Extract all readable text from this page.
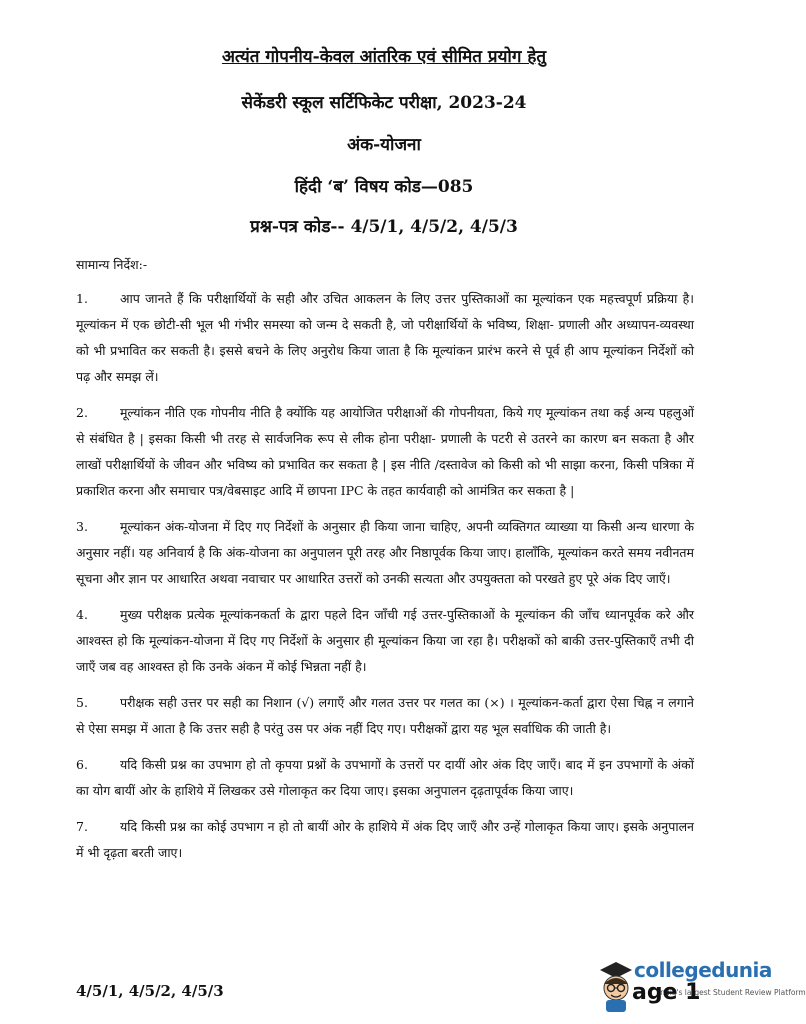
अत्यंत गोपनीय-केवल आंतरिक एवं सीमित प्रयोग हेतु
सेकेंडरी स्कूल सर्टिफिकेट परीक्षा, 2023-24
अंक-योजना
हिंदी ‘ब’ विषय कोड—085
प्रश्न-पत्र कोड-- 4/5/1, 4/5/2, 4/5/3
सामान्य निर्देश:-

1.	आप जानते हैं कि परीक्षार्थियों के सही और उचित आकलन के लिए उत्तर पुस्तिकाओं का मूल्यांकन एक महत्त्वपूर्ण प्रक्रिया है। मूल्यांकन में एक छोटी-सी भूल भी गंभीर समस्या को जन्म दे सकती है, जो परीक्षार्थियों के भविष्य, शिक्षा- प्रणाली और अध्यापन-व्यवस्था को भी प्रभावित कर सकती है। इससे बचने के लिए अनुरोध किया जाता है कि मूल्यांकन प्रारंभ करने से पूर्व ही आप मूल्यांकन निर्देशों को पढ़ और समझ लें।

2.	मूल्यांकन नीति एक गोपनीय नीति है क्योंकि यह आयोजित परीक्षाओं की गोपनीयता, किये गए मूल्यांकन तथा कई अन्य पहलुओं से संबंधित है | इसका किसी भी तरह से सार्वजनिक रूप से लीक होना परीक्षा- प्रणाली के पटरी से उतरने का कारण बन सकता है और लाखों परीक्षार्थियों के जीवन और भविष्य को प्रभावित कर सकता है | इस नीति /दस्तावेज को किसी को भी साझा करना, किसी पत्रिका में प्रकाशित करना और समाचार पत्र/वेबसाइट आदि में छापना IPC के तहत कार्यवाही को आमंत्रित कर सकता है |

3.	मूल्यांकन अंक-योजना में दिए गए निर्देशों के अनुसार ही किया जाना चाहिए, अपनी व्यक्तिगत व्याख्या या किसी अन्य धारणा के अनुसार नहीं। यह अनिवार्य है कि अंक-योजना का अनुपालन पूरी तरह और निष्ठापूर्वक किया जाए। हालाँकि, मूल्यांकन करते समय नवीनतम सूचना और ज्ञान पर आधारित अथवा नवाचार पर आधारित उत्तरों को उनकी सत्यता और उपयुक्तता को परखते हुए पूरे अंक दिए जाएँ।

4.	मुख्य परीक्षक प्रत्येक मूल्यांकनकर्ता के द्वारा पहले दिन जाँची गई उत्तर-पुस्तिकाओं के मूल्यांकन की जाँच ध्यानपूर्वक करे और आश्वस्त हो कि मूल्यांकन-योजना में दिए गए निर्देशों के अनुसार ही मूल्यांकन किया जा रहा है। परीक्षकों को बाकी उत्तर-पुस्तिकाएँ तभी दी जाएँ जब वह आश्वस्त हो कि उनके अंकन में कोई भिन्नता नहीं है।

5.	परीक्षक सही उत्तर पर सही का निशान (√) लगाएँ और गलत उत्तर पर गलत का (×) । मूल्यांकन-कर्ता द्वारा ऐसा चिह्न न लगाने से ऐसा समझ में आता है कि उत्तर सही है परंतु उस पर अंक नहीं दिए गए। परीक्षकों द्वारा यह भूल सर्वाधिक की जाती है।

6.	यदि किसी प्रश्न का उपभाग हो तो कृपया प्रश्नों के उपभागों के उत्तरों पर दायीं ओर अंक दिए जाएँ। बाद में इन उपभागों के अंकों का योग बायीं ओर के हाशिये में लिखकर उसे गोलाकृत कर दिया जाए। इसका अनुपालन दृढ़तापूर्वक किया जाए।

7.	यदि किसी प्रश्न का कोई उपभाग न हो तो बायीं ओर के हाशिये में अंक दिए जाएँ और उन्हें गोलाकृत किया जाए। इसके अनुपालन में भी दृढ़ता बरती जाए।

4/5/1, 4/5/2, 4/5/3
collegedunia
India's largest Student Review Platform
age 1
